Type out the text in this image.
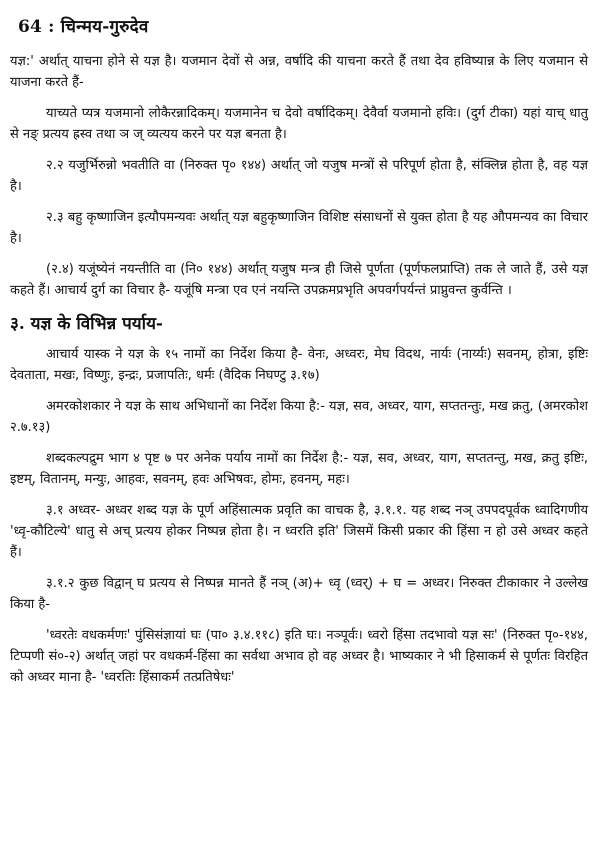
64 : चिन्मय-गुरुदेव

यज्ञ:' अर्थात् याचना होने से यज्ञ है। यजमान देवों से अन्न, वर्षादि की याचना करते हैं तथा देव हविष्यान्न के लिए यजमान से याजना करते हैं-

याच्यते प्यत्र यजमानो लोकैरन्नादिकम्। यजमानेन च देवो वर्षादिकम्। देवैर्वा यजमानो हविः। (दुर्ग टीका) यहां याच् धातु से नङ् प्रत्यय ह्रस्व तथा ञ ज् व्यत्यय करने पर यज्ञ बनता है।

२.२ यजुर्भिरुन्नो भवतीति वा (निरुक्त पृ० १४४) अर्थात् जो यजुष मन्त्रों से परिपूर्ण होता है, संक्लिन्न होता है, वह यज्ञ है।

२.३ बहु कृष्णाजिन इत्यौपमन्यवः अर्थात् यज्ञ बहुकृष्णाजिन विशिष्ट संसाधनों से युक्त होता है यह औपमन्यव का विचार है।

(२.४) यजूंष्येनं नयन्तीति वा (नि० १४४) अर्थात् यजुष मन्त्र ही जिसे पूर्णता (पूर्णफलप्राप्ति) तक ले जाते हैं, उसे यज्ञ कहते हैं। आचार्य दुर्ग का विचार है- यजूंषि मन्त्रा एव एनं नयन्ति उपक्रमप्रभृति अपवर्गपर्यन्तं प्राप्नुवन्त कुर्वन्ति ।

३. यज्ञ के विभिन्न पर्याय-

आचार्य यास्क ने यज्ञ के १५ नामों का निर्देश किया है- वेनः, अध्वरः, मेघ विदथ, नार्यः (नार्य्यः) सवनम्, होत्रा, इष्टिः देवताता, मखः, विष्णुः, इन्द्रः, प्रजापतिः, धर्मः (वैदिक निघण्टु ३.१७)

अमरकोशकार ने यज्ञ के साथ अभिधानों का निर्देश किया है:- यज्ञ, सव, अध्वर, याग, सप्ततन्तुः, मख क्रतु, (अमरकोश २.७.१३)

शब्दकल्पद्रुम भाग ४ पृष्ट ७ पर अनेक पर्याय नामों का निर्देश है:- यज्ञ, सव, अध्वर, याग, सप्ततन्तु, मख, क्रतु इष्टिः, इष्टम्, वितानम्, मन्युः, आहवः, सवनम्, हवः अभिषवः, होमः, हवनम्, महः।

३.१ अध्वर- अध्वर शब्द यज्ञ के पूर्ण अहिंसात्मक प्रवृति का वाचक है, ३.१.१. यह शब्द नञ् उपपदपूर्वक ध्वादिगणीय 'ध्वृ-कौटिल्ये' धातु से अच् प्रत्यय होकर निष्पन्न होता है। न ध्वरति इति' जिसमें किसी प्रकार की हिंसा न हो उसे अध्वर कहते हैं।

३.१.२ कुछ विद्वान् घ प्रत्यय से निष्पन्न मानते हैं नञ् (अ)+ ध्वृ (ध्वर्) + घ = अध्वर। निरुक्त टीकाकार ने उल्लेख किया है-

'ध्वरतेः वधकर्मणः' पुंसिसंज्ञायां घः (पा० ३.४.११८) इति घः। नञ्पूर्वः। ध्वरो हिंसा तदभावो यज्ञ सः' (निरुक्त पृ०-१४४, टिप्पणी सं०-२) अर्थात् जहां पर वधकर्म-हिंसा का सर्वथा अभाव हो वह अध्वर है। भाष्यकार ने भी हिसाकर्म से पूर्णतः विरहित को अध्वर माना है- 'ध्वरतिः हिंसाकर्म तत्प्रतिषेधः'
